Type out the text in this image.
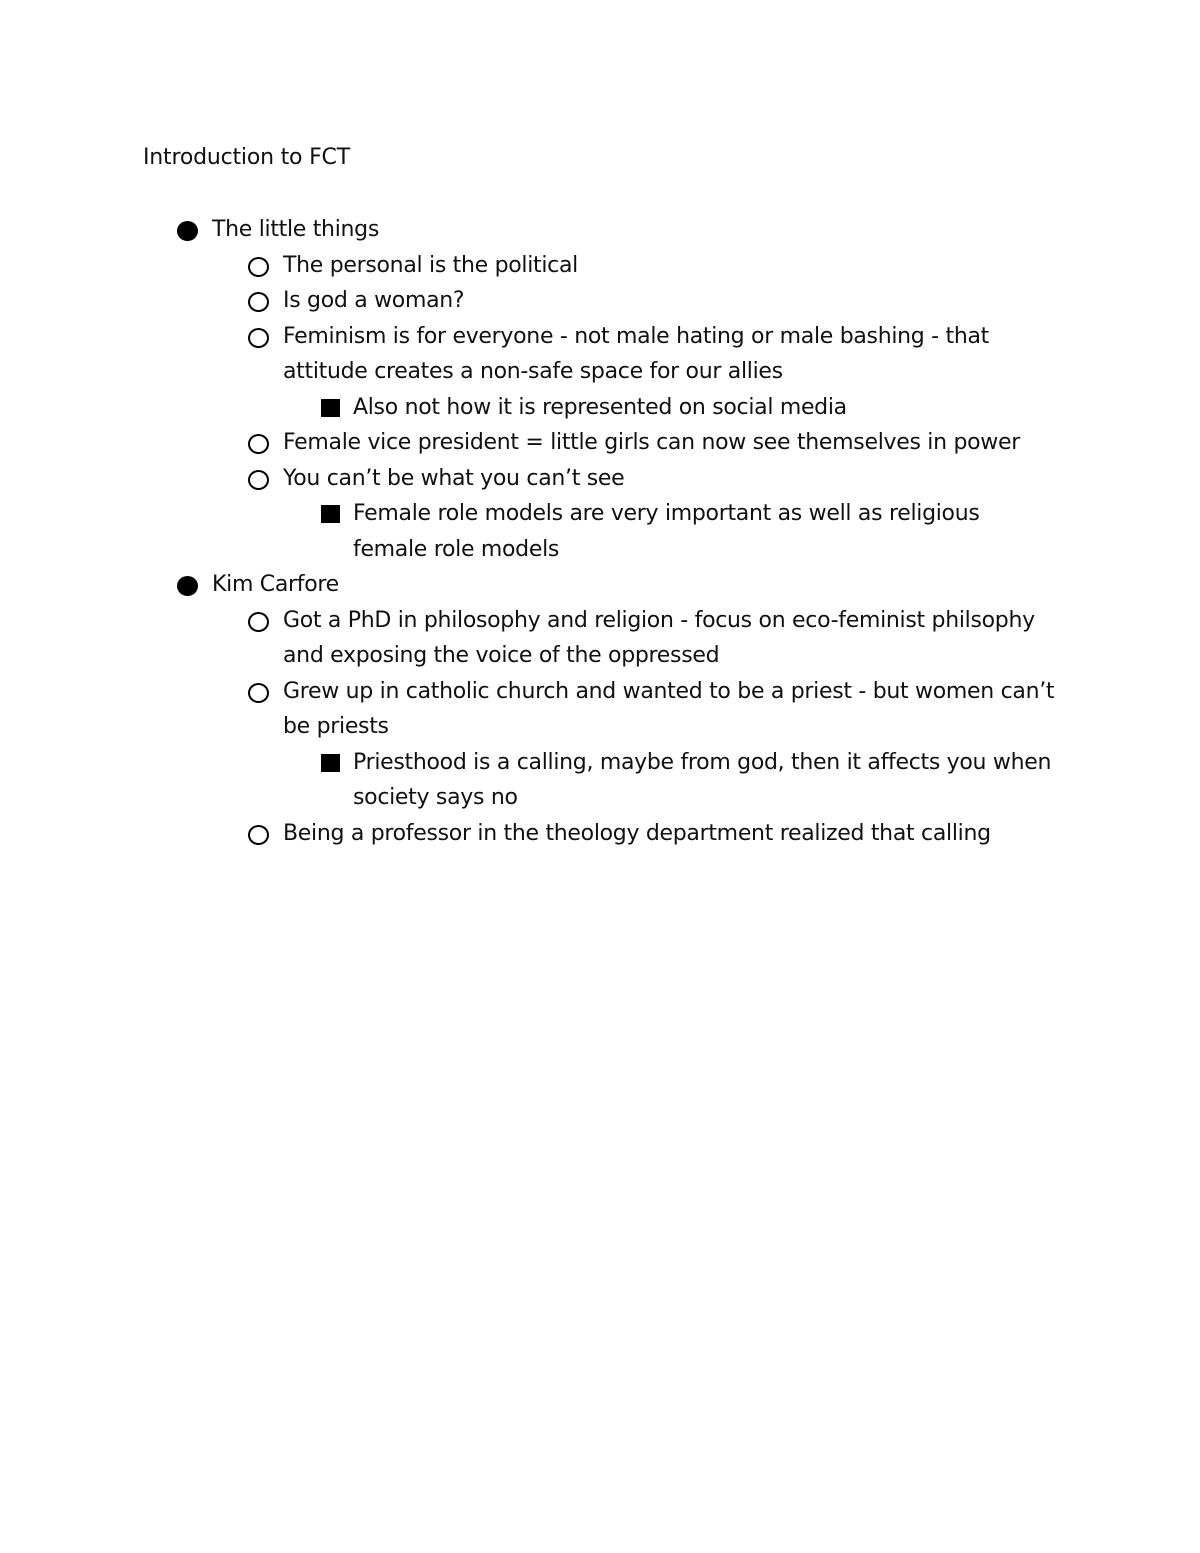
Introduction to FCT
The little things
The personal is the political
Is god a woman?
Feminism is for everyone - not male hating or male bashing - that attitude creates a non-safe space for our allies
Also not how it is represented on social media
Female vice president = little girls can now see themselves in power
You can’t be what you can’t see
Female role models are very important as well as religious female role models
Kim Carfore
Got a PhD in philosophy and religion - focus on eco-feminist philsophy and exposing the voice of the oppressed
Grew up in catholic church and wanted to be a priest - but women can’t be priests
Priesthood is a calling, maybe from god, then it affects you when society says no
Being a professor in the theology department realized that calling
